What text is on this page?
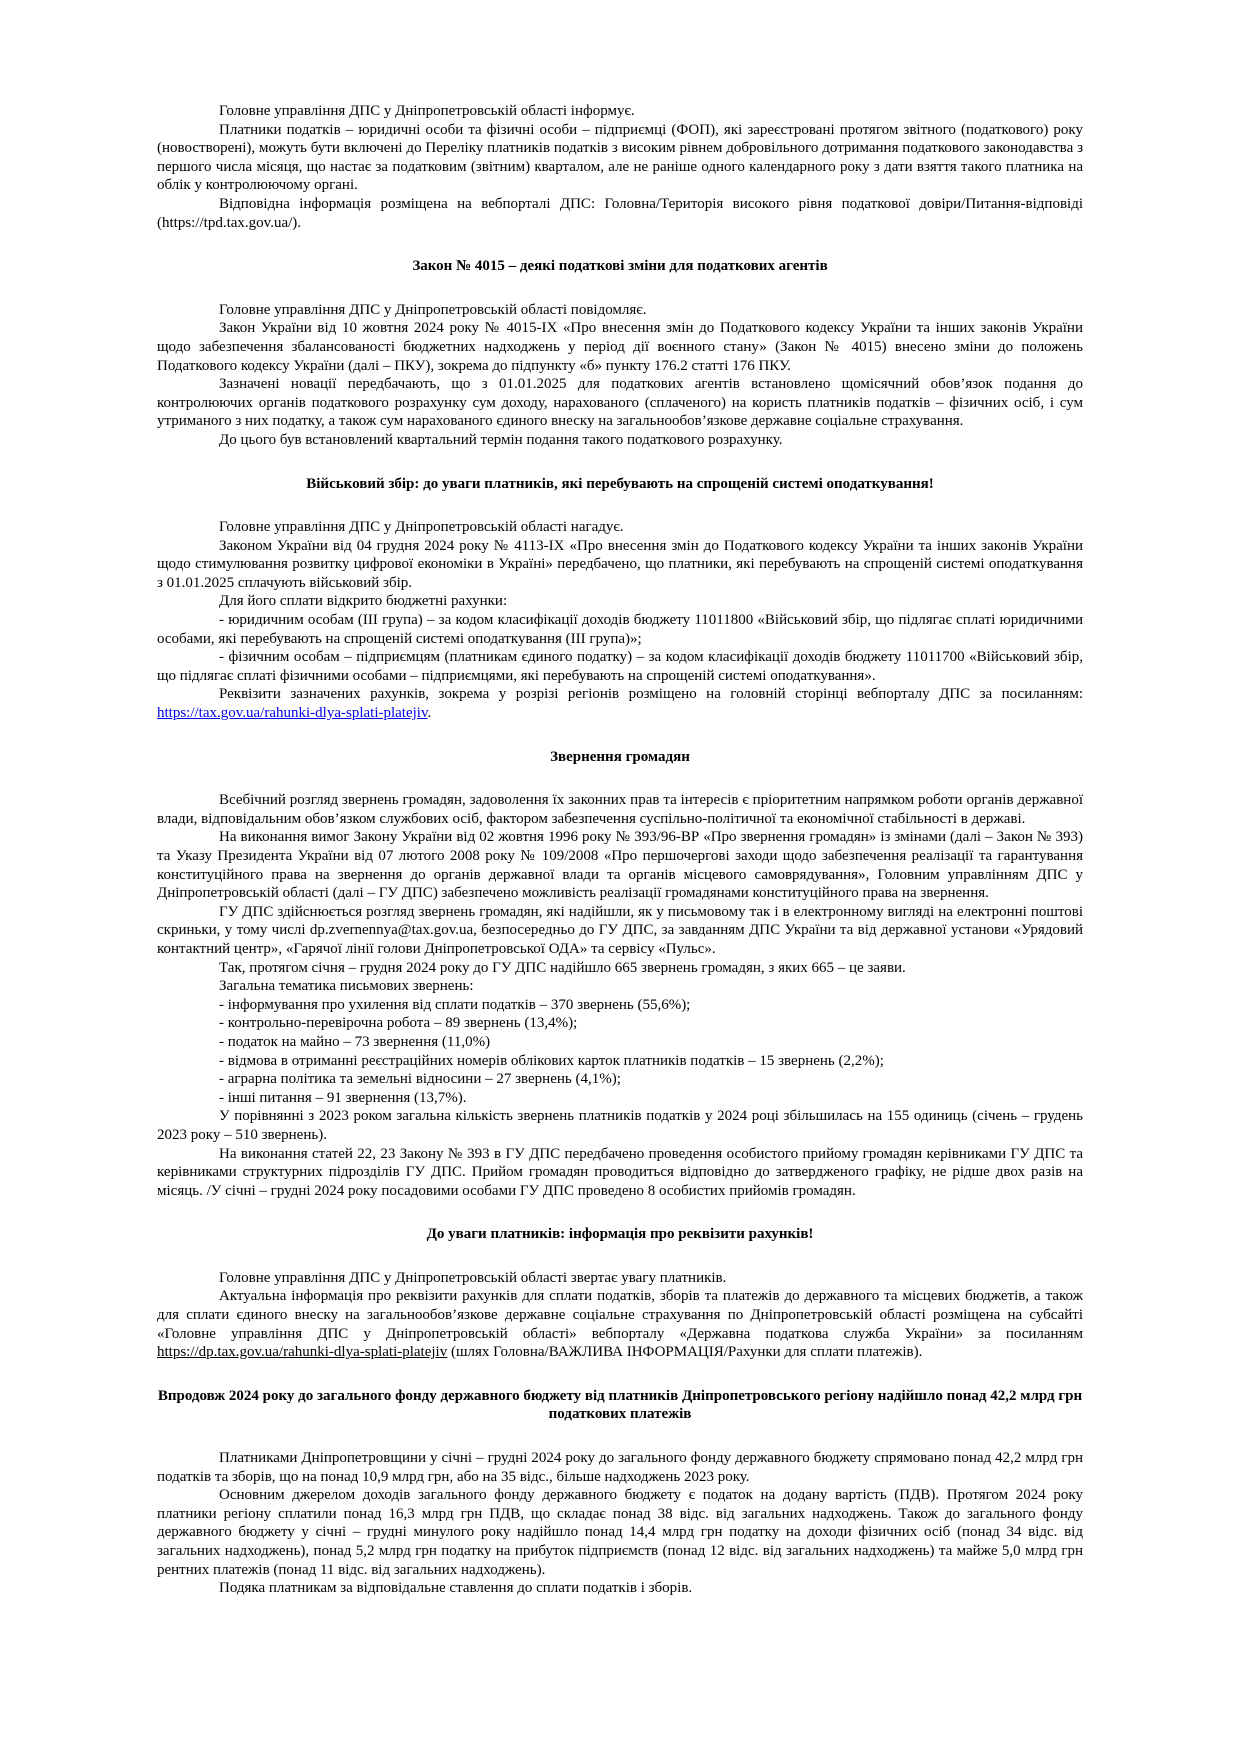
Головне управління ДПС у Дніпропетровській області інформує.

Платники податків – юридичні особи та фізичні особи – підприємці (ФОП), які зареєстровані протягом звітного (податкового) року (новостворені), можуть бути включені до Переліку платників податків з високим рівнем добровільного дотримання податкового законодавства з першого числа місяця, що настає за податковим (звітним) кварталом, але не раніше одного календарного року з дати взяття такого платника на облік у контролюючому органі.

Відповідна інформація розміщена на вебпорталі ДПС: Головна/Територія високого рівня податкової довіри/Питання-відповіді (https://tpd.tax.gov.ua/).

Закон № 4015 – деякі податкові зміни для податкових агентів

Головне управління ДПС у Дніпропетровській області повідомляє.

Закон України від 10 жовтня 2024 року № 4015-IX «Про внесення змін до Податкового кодексу України та інших законів України щодо забезпечення збалансованості бюджетних надходжень у період дії воєнного стану» (Закон № 4015) внесено зміни до положень Податкового кодексу України (далі – ПКУ), зокрема до підпункту «б» пункту 176.2 статті 176 ПКУ.

Зазначені новації передбачають, що з 01.01.2025 для податкових агентів встановлено щомісячний обов’язок подання до контролюючих органів податкового розрахунку сум доходу, нарахованого (сплаченого) на користь платників податків – фізичних осіб, і сум утриманого з них податку, а також сум нарахованого єдиного внеску на загальнообов’язкове державне соціальне страхування.

До цього був встановлений квартальний термін подання такого податкового розрахунку.

Військовий збір: до уваги платників, які перебувають на спрощеній системі оподаткування!

Головне управління ДПС у Дніпропетровській області нагадує.

Законом України від 04 грудня 2024 року № 4113-IX «Про внесення змін до Податкового кодексу України та інших законів України щодо стимулювання розвитку цифрової економіки в Україні» передбачено, що платники, які перебувають на спрощеній системі оподаткування з 01.01.2025 сплачують військовий збір.

Для його сплати відкрито бюджетні рахунки:

- юридичним особам (ІІІ група) – за кодом класифікації доходів бюджету 11011800 «Військовий збір, що підлягає сплаті юридичними особами, які перебувають на спрощеній системі оподаткування (ІІІ група)»;

- фізичним особам – підприємцям (платникам єдиного податку) – за кодом класифікації доходів бюджету 11011700 «Військовий збір, що підлягає сплаті фізичними особами – підприємцями, які перебувають на спрощеній системі оподаткування».

Реквізити зазначених рахунків, зокрема у розрізі регіонів розміщено на головній сторінці вебпорталу ДПС за посиланням: https://tax.gov.ua/rahunki-dlya-splati-platejiv.

Звернення громадян

Всебічний розгляд звернень громадян, задоволення їх законних прав та інтересів є пріоритетним напрямком роботи органів державної влади, відповідальним обов’язком службових осіб, фактором забезпечення суспільно-політичної та економічної стабільності в державі.

На виконання вимог Закону України від 02 жовтня 1996 року № 393/96-ВР «Про звернення громадян» із змінами (далі – Закон № 393) та Указу Президента України від 07 лютого 2008 року № 109/2008 «Про першочергові заходи щодо забезпечення реалізації та гарантування конституційного права на звернення до органів державної влади та органів місцевого самоврядування», Головним управлінням ДПС у Дніпропетровській області (далі – ГУ ДПС) забезпечено можливість реалізації громадянами конституційного права на звернення.

ГУ ДПС здійснюється розгляд звернень громадян, які надійшли, як у письмовому так і в електронному вигляді на електронні поштові скриньки, у тому числі dp.zvernennya@tax.gov.ua, безпосередньо до ГУ ДПС, за завданням ДПС України та від державної установи «Урядовий контактний центр», «Гарячої лінії голови Дніпропетровської ОДА» та сервісу «Пульс».

Так, протягом січня – грудня 2024 року до ГУ ДПС надійшло 665 звернень громадян, з яких 665 – це заяви.

Загальна тематика письмових звернень:

- інформування про ухилення від сплати податків – 370 звернень (55,6%);

- контрольно-перевірочна робота – 89 звернень (13,4%);

- податок на майно – 73 звернення (11,0%)

- відмова в отриманні реєстраційних номерів облікових карток платників податків – 15 звернень (2,2%);

- аграрна політика та земельні відносини – 27 звернень (4,1%);

- інші питання – 91 звернення (13,7%).

У порівнянні з 2023 роком загальна кількість звернень платників податків у 2024 році збільшилась на 155 одиниць (січень – грудень 2023 року – 510 звернень).

На виконання статей 22, 23 Закону № 393 в ГУ ДПС передбачено проведення особистого прийому громадян керівниками ГУ ДПС та керівниками структурних підрозділів ГУ ДПС. Прийом громадян проводиться відповідно до затвердженого графіку, не рідше двох разів на місяць. /У січні – грудні 2024 року посадовими особами ГУ ДПС проведено 8 особистих прийомів громадян.

До уваги платників: інформація про реквізити рахунків!

Головне управління ДПС у Дніпропетровській області звертає увагу платників.

Актуальна інформація про реквізити рахунків для сплати податків, зборів та платежів до державного та місцевих бюджетів, а також для сплати єдиного внеску на загальнообов’язкове державне соціальне страхування по Дніпропетровській області розміщена на субсайті «Головне управління ДПС у Дніпропетровській області» вебпорталу «Державна податкова служба України» за посиланням https://dp.tax.gov.ua/rahunki-dlya-splati-platejiv (шлях Головна/ВАЖЛИВА ІНФОРМАЦІЯ/Рахунки для сплати платежів).

Впродовж 2024 року до загального фонду державного бюджету від платників Дніпропетровського регіону надійшло понад 42,2 млрд грн податкових платежів

Платниками Дніпропетровщини у січні – грудні 2024 року до загального фонду державного бюджету спрямовано понад 42,2 млрд грн податків та зборів, що на понад 10,9 млрд грн, або на 35 відс., більше надходжень 2023 року.

Основним джерелом доходів загального фонду державного бюджету є податок на додану вартість (ПДВ). Протягом 2024 року платники регіону сплатили понад 16,3 млрд грн ПДВ, що складає понад 38 відс. від загальних надходжень. Також до загального фонду державного бюджету у січні – грудні минулого року надійшло понад 14,4 млрд грн податку на доходи фізичних осіб (понад 34 відс. від загальних надходжень), понад 5,2 млрд грн податку на прибуток підприємств (понад 12 відс. від загальних надходжень) та майже 5,0 млрд грн рентних платежів (понад 11 відс. від загальних надходжень).

Подяка платникам за відповідальне ставлення до сплати податків і зборів.
